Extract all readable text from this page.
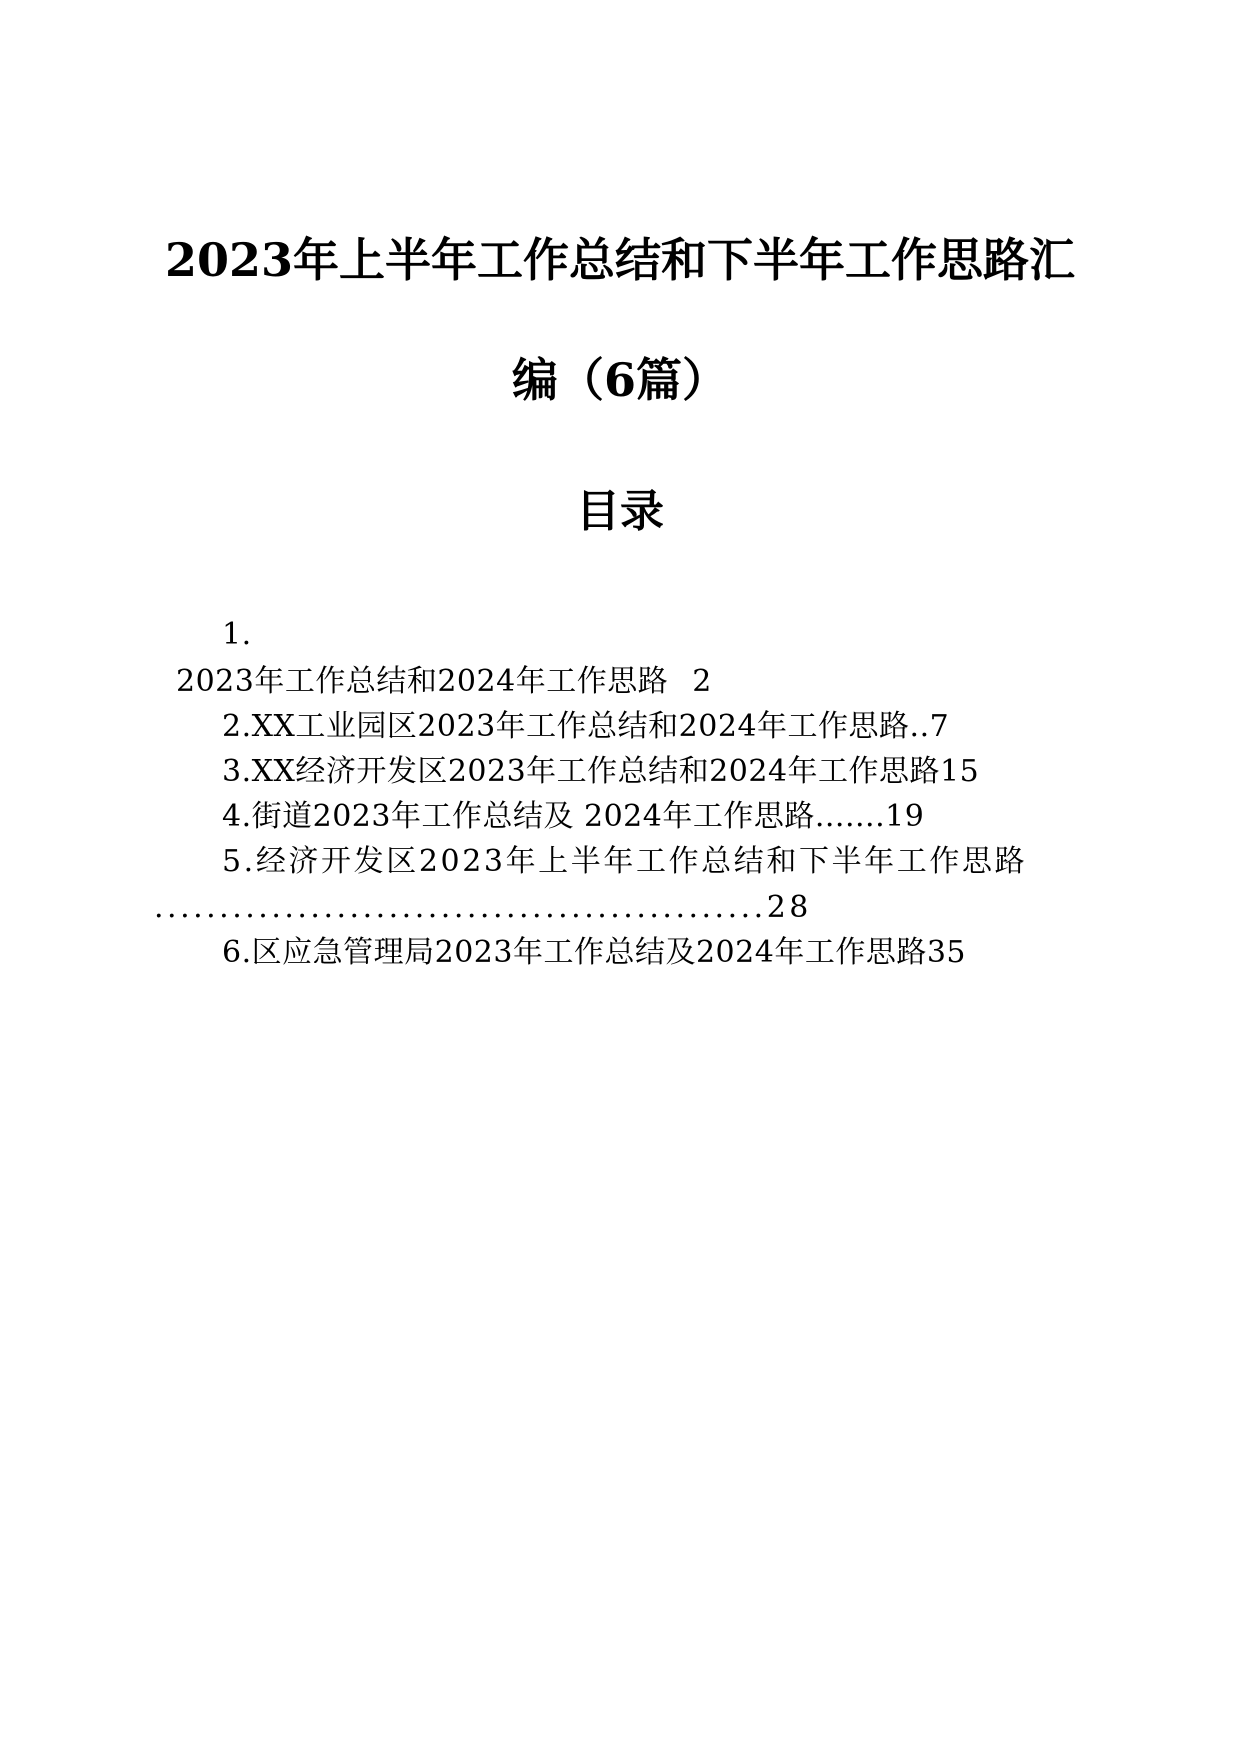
2023年上半年工作总结和下半年工作思路汇
编（6篇）
目录
1.
2023年工作总结和2024年工作思路 2
2.XX工业园区2023年工作总结和2024年工作思路..7
3.XX经济开发区2023年工作总结和2024年工作思路15
4.街道2023年工作总结及 2024年工作思路.......19
5.经济开发区2023年上半年工作总结和下半年工作思路
...............................................28
6.区应急管理局2023年工作总结及2024年工作思路35
